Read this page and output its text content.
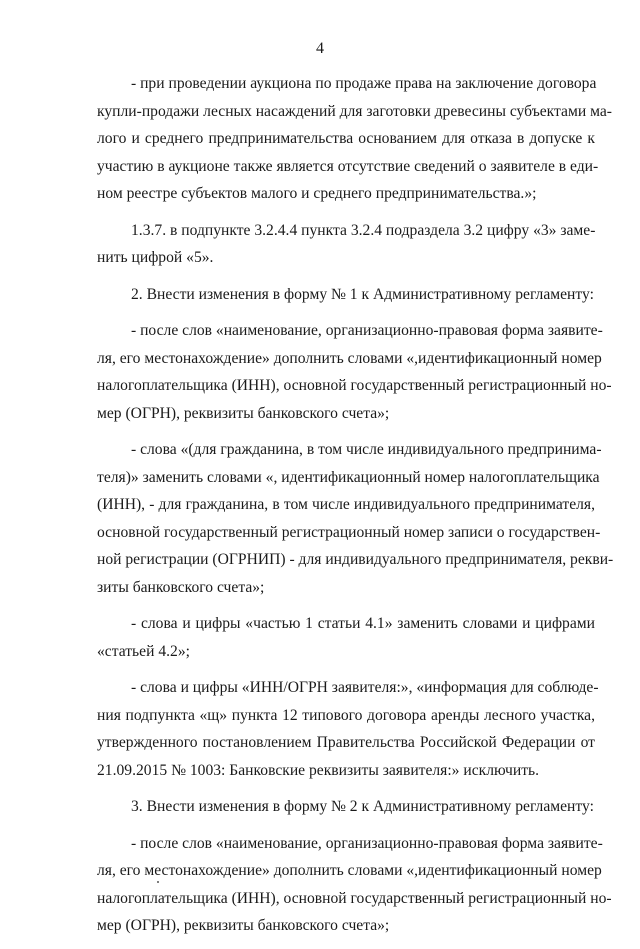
4

- при проведении аукциона по продаже права на заключение договора
купли-продажи лесных насаждений для заготовки древесины субъектами ма-
лого и среднего предпринимательства основанием для отказа в допуске к
участию в аукционе также является отсутствие сведений о заявителе в еди-
ном реестре субъектов малого и среднего предпринимательства.»;

1.3.7. в подпункте 3.2.4.4 пункта 3.2.4 подраздела 3.2 цифру «3» заме-
нить цифрой «5».

2. Внести изменения в форму № 1 к Административному регламенту:

- после слов «наименование, организационно-правовая форма заявите-
ля, его местонахождение» дополнить словами «,идентификационный номер
налогоплательщика (ИНН), основной государственный регистрационный но-
мер (ОГРН), реквизиты банковского счета»;

- слова «(для гражданина, в том числе индивидуального предпринима-
теля)» заменить словами «, идентификационный номер налогоплательщика
(ИНН), - для гражданина, в том числе индивидуального предпринимателя,
основной государственный регистрационный номер записи о государствен-
ной регистрации (ОГРНИП) - для индивидуального предпринимателя, рекви-
зиты банковского счета»;

- слова и цифры «частью 1 статьи 4.1» заменить словами и цифрами
«статьей 4.2»;

- слова и цифры «ИНН/ОГРН заявителя:», «информация для соблюде-
ния подпункта «щ» пункта 12 типового договора аренды лесного участка,
утвержденного постановлением Правительства Российской Федерации от
21.09.2015 № 1003: Банковские реквизиты заявителя:» исключить.

3. Внести изменения в форму № 2 к Административному регламенту:

- после слов «наименование, организационно-правовая форма заявите-
ля, его местонахождение» дополнить словами «,идентификационный номер
налогоплательщика (ИНН), основной государственный регистрационный но-
мер (ОГРН), реквизиты банковского счета»;
